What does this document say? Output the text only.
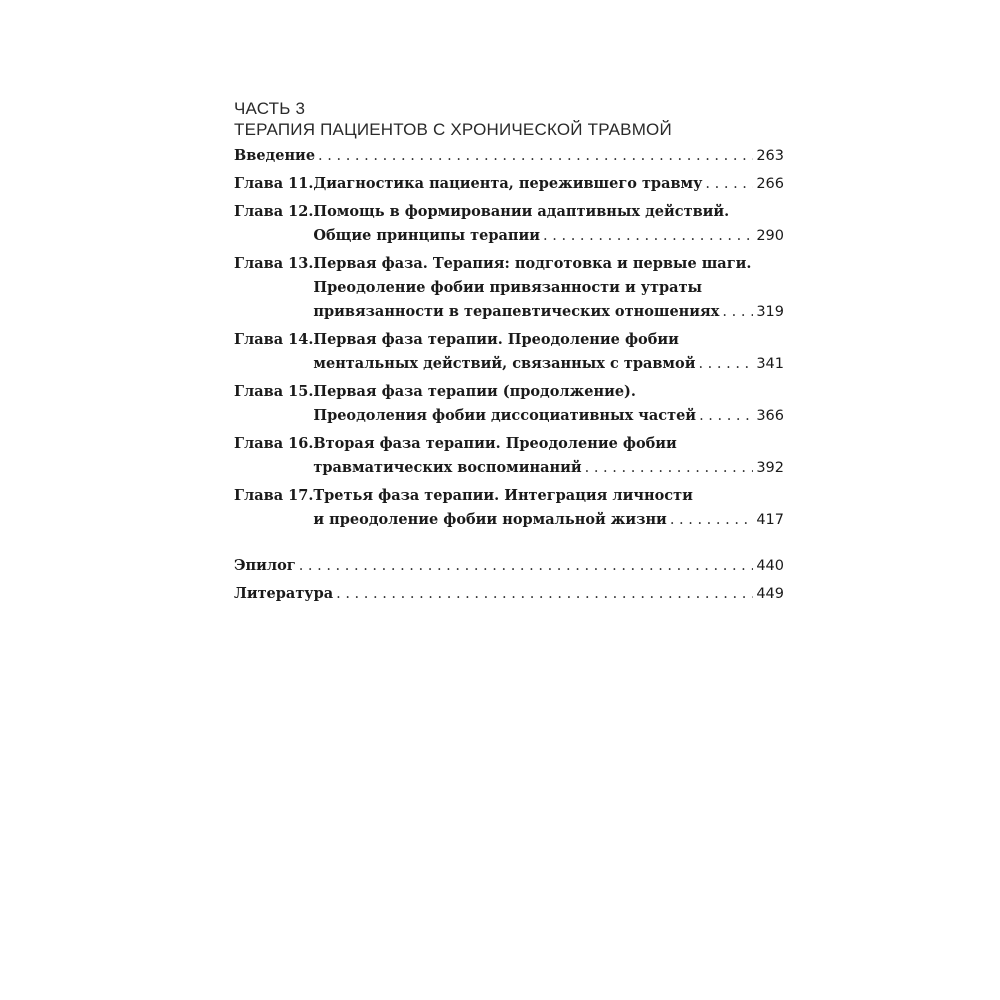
ЧАСТЬ 3
ТЕРАПИЯ ПАЦИЕНТОВ С ХРОНИЧЕСКОЙ ТРАВМОЙ
Введение . . .	263
Глава 11. Диагностика пациента, пережившего травму . . .	266
Глава 12. Помощь в формировании адаптивных действий.
Общие принципы терапии . . .	290
Глава 13. Первая фаза. Терапия: подготовка и первые шаги.
Преодоление фобии привязанности и утраты
привязанности в терапевтических отношениях . . .	319
Глава 14. Первая фаза терапии. Преодоление фобии
ментальных действий, связанных с травмой . . .	341
Глава 15. Первая фаза терапии (продолжение).
Преодоления фобии диссоциативных частей . . .	366
Глава 16. Вторая фаза терапии. Преодоление фобии
травматических воспоминаний . . .	392
Глава 17. Третья фаза терапии. Интеграция личности
и преодоление фобии нормальной жизни . . .	417
Эпилог . . .	440
Литература . . .	449
